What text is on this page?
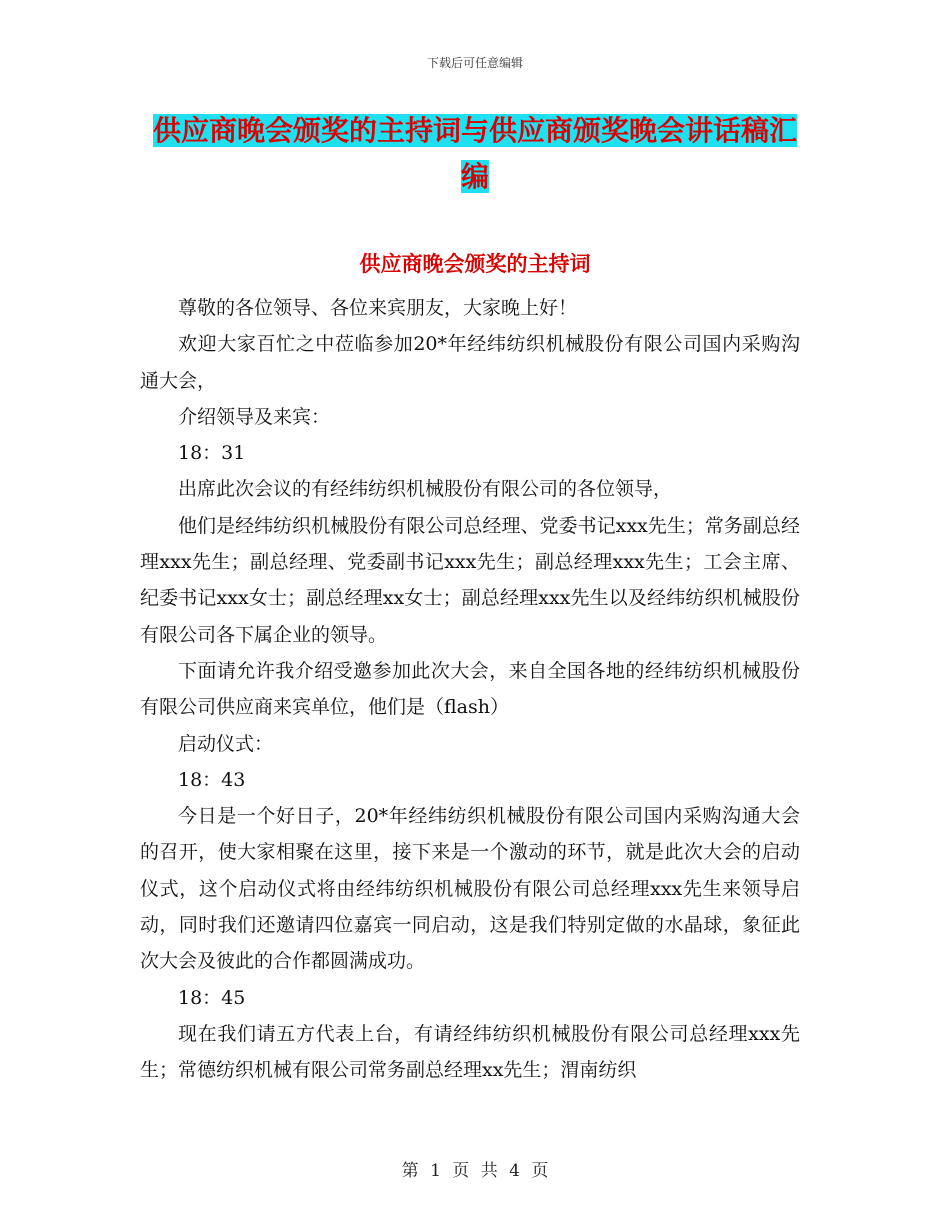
下载后可任意编辑
供应商晚会颁奖的主持词与供应商颁奖晚会讲话稿汇编
供应商晚会颁奖的主持词

尊敬的各位领导、各位来宾朋友，大家晚上好！

欢迎大家百忙之中莅临参加20*年经纬纺织机械股份有限公司国内采购沟通大会，

介绍领导及来宾：

18：31

出席此次会议的有经纬纺织机械股份有限公司的各位领导，

他们是经纬纺织机械股份有限公司总经理、党委书记xxx先生；常务副总经理xxx先生；副总经理、党委副书记xxx先生；副总经理xxx先生；工会主席、纪委书记xxx女士；副总经理xx女士；副总经理xxx先生以及经纬纺织机械股份有限公司各下属企业的领导。

下面请允许我介绍受邀参加此次大会，来自全国各地的经纬纺织机械股份有限公司供应商来宾单位，他们是（flash）

启动仪式：

18：43

今日是一个好日子，20*年经纬纺织机械股份有限公司国内采购沟通大会的召开，使大家相聚在这里，接下来是一个激动的环节，就是此次大会的启动仪式，这个启动仪式将由经纬纺织机械股份有限公司总经理xxx先生来领导启动，同时我们还邀请四位嘉宾一同启动，这是我们特别定做的水晶球，象征此次大会及彼此的合作都圆满成功。

18：45

现在我们请五方代表上台，有请经纬纺织机械股份有限公司总经理xxx先生；常德纺织机械有限公司常务副总经理xx先生；渭南纺织

第 1 页 共 4 页
